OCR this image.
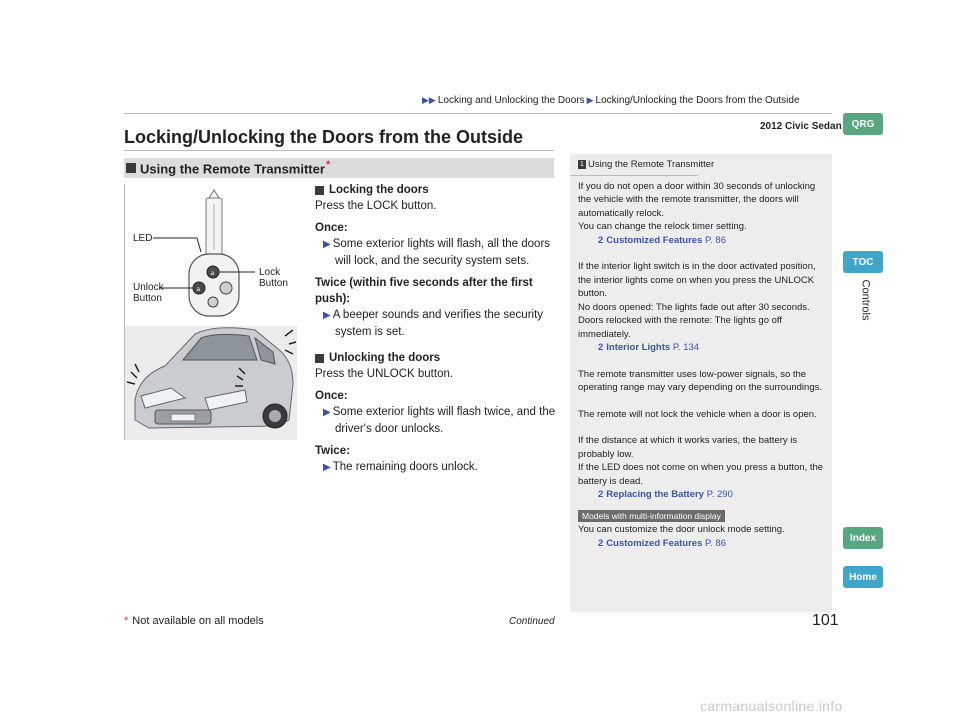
▶▶ Locking and Unlocking the Doors ▶ Locking/Unlocking the Doors from the Outside
2012 Civic Sedan QRG
TOC
Controls
Index
Home
Locking/Unlocking the Doors from the Outside
Using the Remote Transmitter*
a
a
LED
Unlock
Button
Lock
Button
Locking the doors
Press the LOCK button.
Once:
▶ Some exterior lights will flash, all the doors will lock, and the security system sets.
Twice (within five seconds after the first push):
▶ A beeper sounds and verifies the security system is set.
Unlocking the doors
Press the UNLOCK button.
Once:
▶ Some exterior lights will flash twice, and the driver's door unlocks.
Twice:
▶ The remaining doors unlock.
1 Using the Remote Transmitter

If you do not open a door within 30 seconds of unlocking the vehicle with the remote transmitter, the doors will automatically relock.

You can change the relock timer setting.

2 Customized Features P. 86

If the interior light switch is in the door activated position, the interior lights come on when you press the UNLOCK button.

No doors opened: The lights fade out after 30 seconds.

Doors relocked with the remote: The lights go off immediately.

2 Interior Lights P. 134

The remote transmitter uses low-power signals, so the operating range may vary depending on the surroundings.

The remote will not lock the vehicle when a door is open.

If the distance at which it works varies, the battery is probably low.

If the LED does not come on when you press a button, the battery is dead.

2 Replacing the Battery P. 290

Models with multi-information display

You can customize the door unlock mode setting.

2 Customized Features P. 86

* Not available on all models	Continued	101
carmanualsonline.info
